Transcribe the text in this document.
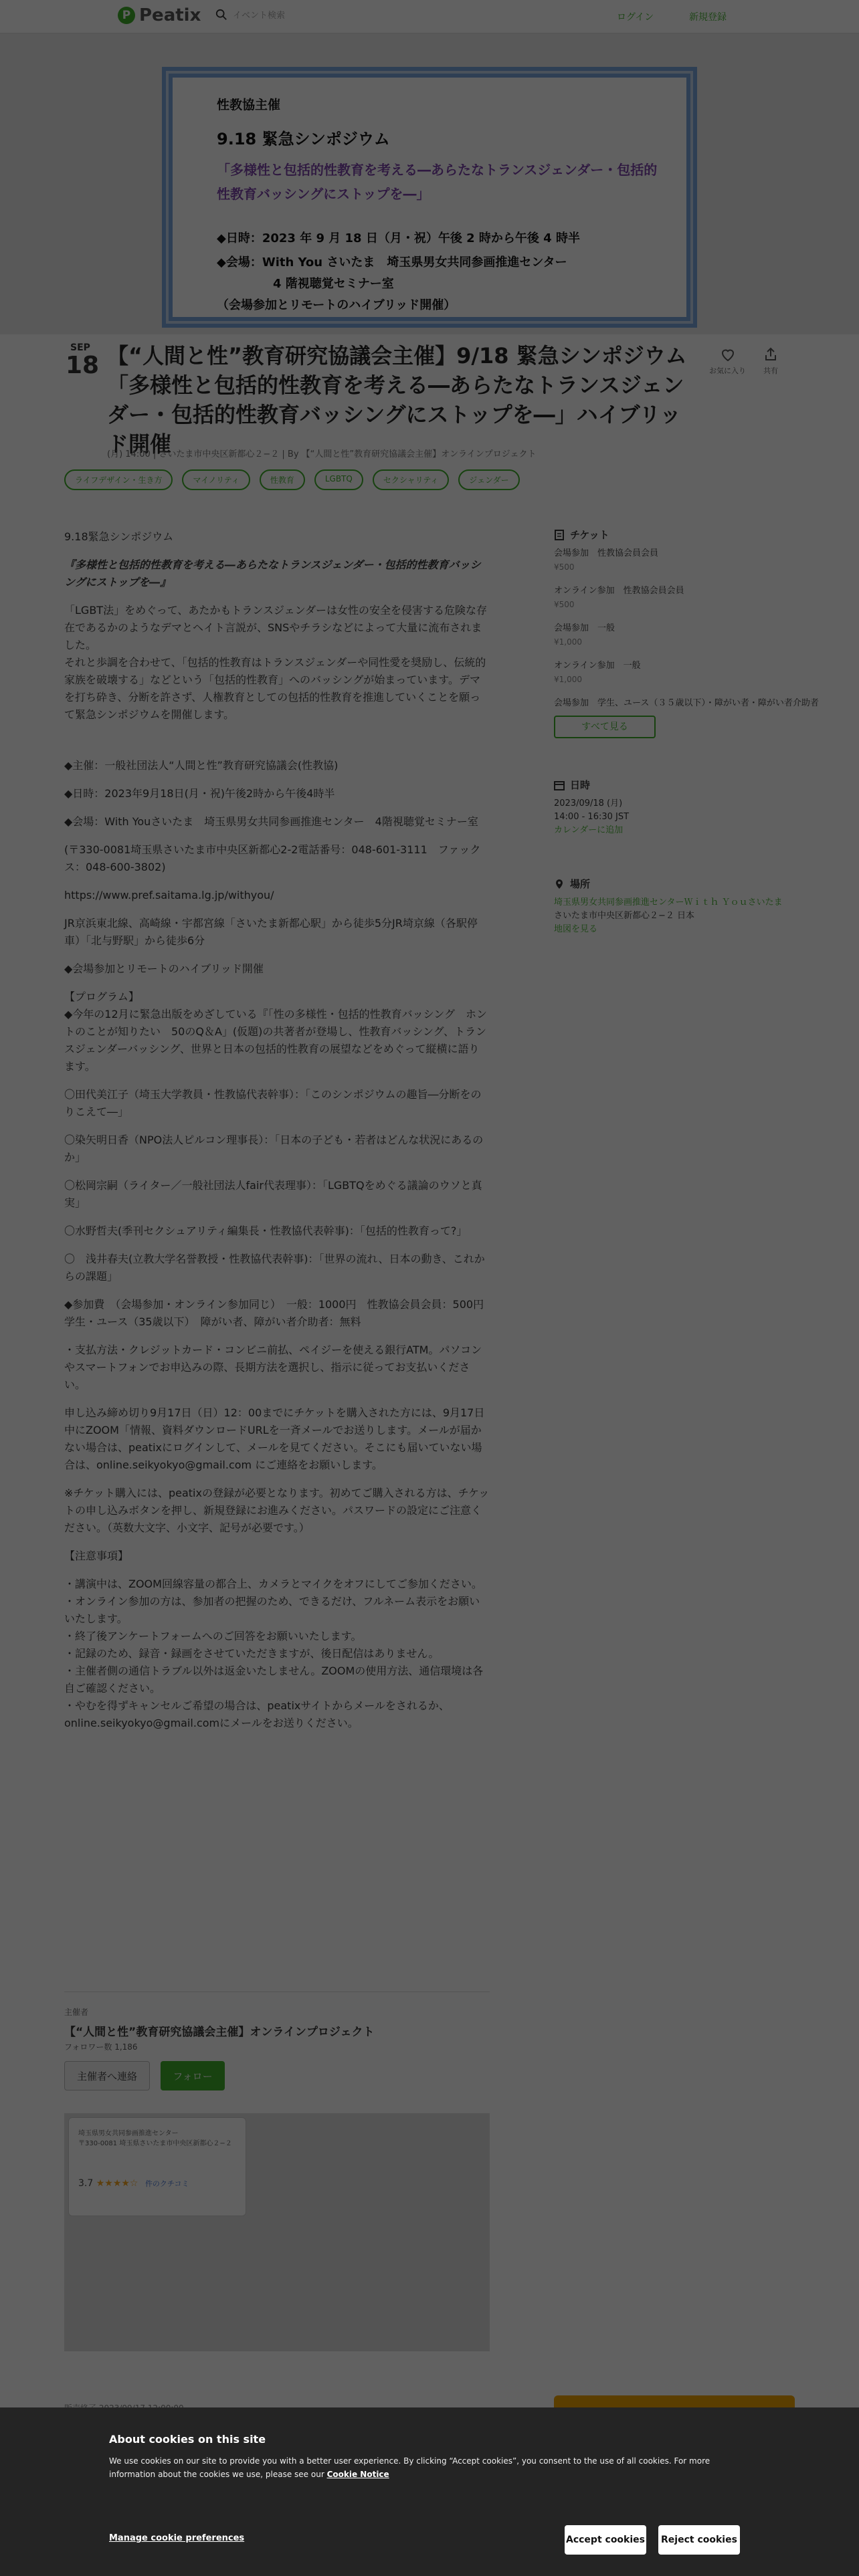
About cookies on this site
We use cookies on our site to provide you with a better user experience. By clicking “Accept cookies”, you consent to the use of all cookies. For more information about the cookies we use, please see our Cookie Notice
Manage cookie preferences	Accept cookies Reject cookies
